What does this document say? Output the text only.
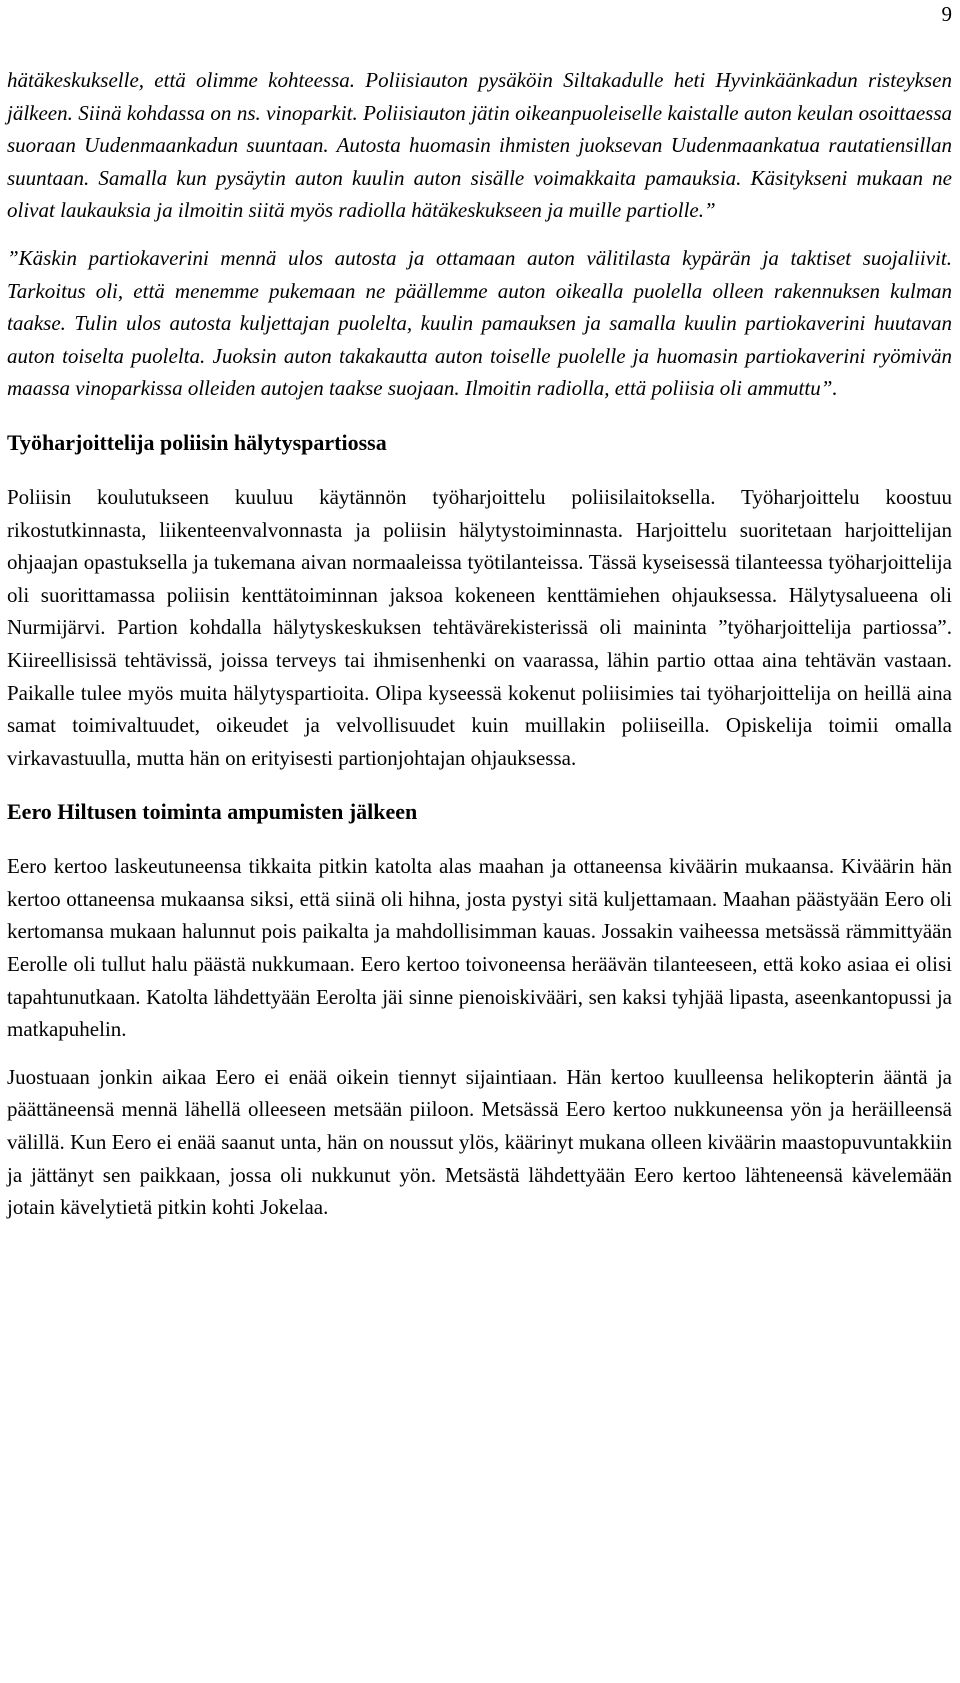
9

hätäkeskukselle, että olimme kohteessa. Poliisiauton pysäköin Siltakadulle heti Hyvinkäänkadun risteyksen jälkeen. Siinä kohdassa on ns. vinoparkit. Poliisiauton jätin oikeanpuoleiselle kaistalle auton keulan osoittaessa suoraan Uudenmaankadun suuntaan. Autosta huomasin ihmisten juoksevan Uudenmaankatua rautatiensillan suuntaan. Samalla kun pysäytin auton kuulin auton sisälle voimakkaita pamauksia. Käsitykseni mukaan ne olivat laukauksia ja ilmoitin siitä myös radiolla hätäkeskukseen ja muille partiolle.”

”Käskin partiokaverini mennä ulos autosta ja ottamaan auton välitilasta kypärän ja taktiset suojaliivit. Tarkoitus oli, että menemme pukemaan ne päällemme auton oikealla puolella olleen rakennuksen kulman taakse. Tulin ulos autosta kuljettajan puolelta, kuulin pamauksen ja samalla kuulin partiokaverini huutavan auton toiselta puolelta. Juoksin auton takakautta auton toiselle puolelle ja huomasin partiokaverini ryömivän maassa vinoparkissa olleiden autojen taakse suojaan. Ilmoitin radiolla, että poliisia oli ammuttu”.

Työharjoittelija poliisin hälytyspartiossa

Poliisin koulutukseen kuuluu käytännön työharjoittelu poliisilaitoksella. Työharjoittelu koostuu rikostutkinnasta, liikenteenvalvonnasta ja poliisin hälytystoiminnasta. Harjoittelu suoritetaan harjoittelijan ohjaajan opastuksella ja tukemana aivan normaaleissa työtilanteissa. Tässä kyseisessä tilanteessa työharjoittelija oli suorittamassa poliisin kenttätoiminnan jaksoa kokeneen kenttämiehen ohjauksessa. Hälytysalueena oli Nurmijärvi. Partion kohdalla hälytyskeskuksen tehtävärekisterissä oli maininta ”työharjoittelija partiossa”. Kiireellisissä tehtävissä, joissa terveys tai ihmisenhenki on vaarassa, lähin partio ottaa aina tehtävän vastaan. Paikalle tulee myös muita hälytyspartioita. Olipa kyseessä kokenut poliisimies tai työharjoittelija on heillä aina samat toimivaltuudet, oikeudet ja velvollisuudet kuin muillakin poliiseilla. Opiskelija toimii omalla virkavastuulla, mutta hän on erityisesti partionjohtajan ohjauksessa.

Eero Hiltusen toiminta ampumisten jälkeen

Eero kertoo laskeutuneensa tikkaita pitkin katolta alas maahan ja ottaneensa kiväärin mukaansa. Kiväärin hän kertoo ottaneensa mukaansa siksi, että siinä oli hihna, josta pystyi sitä kuljettamaan. Maahan päästyään Eero oli kertomansa mukaan halunnut pois paikalta ja mahdollisimman kauas. Jossakin vaiheessa metsässä rämmittyään Eerolle oli tullut halu päästä nukkumaan. Eero kertoo toivoneensa heräävän tilanteeseen, että koko asiaa ei olisi tapahtunutkaan. Katolta lähdettyään Eerolta jäi sinne pienoiskivääri, sen kaksi tyhjää lipasta, aseenkantopussi ja matkapuhelin.

Juostuaan jonkin aikaa Eero ei enää oikein tiennyt sijaintiaan. Hän kertoo kuulleensa helikopterin ääntä ja päättäneensä mennä lähellä olleeseen metsään piiloon. Metsässä Eero kertoo nukkuneensa yön ja heräilleensä välillä. Kun Eero ei enää saanut unta, hän on noussut ylös, käärinyt mukana olleen kiväärin maastopuvuntakkiin ja jättänyt sen paikkaan, jossa oli nukkunut yön. Metsästä lähdettyään Eero kertoo lähteneensä kävelemään jotain kävelytietä pitkin kohti Jokelaa.
